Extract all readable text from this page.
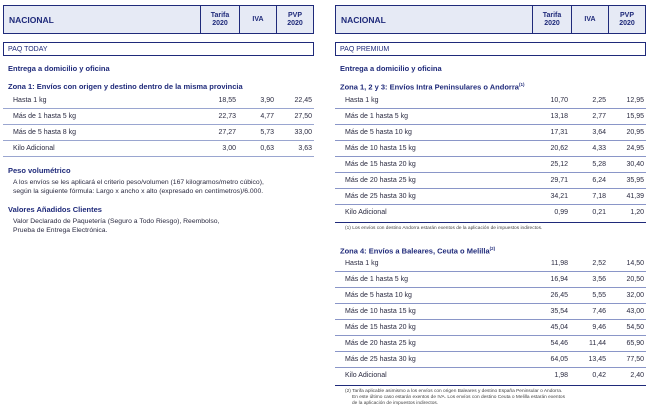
NACIONAL	Tarifa
2020
IVA
PVP
2020
PAQ TODAY
Entrega a domicilio y oficina
Zona 1: Envíos con origen y destino dentro de la misma provincia
Hasta 1 kg	18,55	3,90	22,45
Más de 1 hasta 5 kg	22,73	4,77	27,50
Más de 5 hasta 8 kg	27,27	5,73	33,00
Kilo Adicional	3,00	0,63	3,63
Peso volumétrico
A los envíos se les aplicará el criterio peso/volumen (167 kilogramos/metro cúbico),
según la siguiente fórmula: Largo x ancho x alto (expresado en centímetros)/6.000.
Valores Añadidos Clientes
Valor Declarado de Paquetería (Seguro a Todo Riesgo), Reembolso,
Prueba de Entrega Electrónica.
NACIONAL	Tarifa
2020
IVA
PVP
2020
PAQ PREMIUM
Entrega a domicilio y oficina
Zona 1, 2 y 3: Envíos Intra Peninsulares o Andorra$^{(1)}$
Hasta 1 kg	10,70	2,25	12,95
Más de 1 hasta 5 kg	13,18	2,77	15,95
Más de 5 hasta 10 kg	17,31	3,64	20,95
Más de 10 hasta 15 kg	20,62	4,33	24,95
Más de 15 hasta 20 kg	25,12	5,28	30,40
Más de 20 hasta 25 kg	29,71	6,24	35,95
Más de 25 hasta 30 kg	34,21	7,18	41,39
Kilo Adicional	0,99	0,21	1,20
(1) Los envíos con destino Andorra estarán exentos de la aplicación de impuestos indirectos.
Zona 4: Envíos a Baleares, Ceuta o Melilla$^{(2)}$
Hasta 1 kg	11,98	2,52	14,50
Más de 1 hasta 5 kg	16,94	3,56	20,50
Más de 5 hasta 10 kg	26,45	5,55	32,00
Más de 10 hasta 15 kg	35,54	7,46	43,00
Más de 15 hasta 20 kg	45,04	9,46	54,50
Más de 20 hasta 25 kg	54,46	11,44	65,90
Más de 25 hasta 30 kg	64,05	13,45	77,50
Kilo Adicional	1,98	0,42	2,40
(2) Tarifa aplicable asimismo a los envíos con origen Baleares y destino España Peninsular o Andorra.
En este último caso estarán exentos de IVA. Los envíos con destino Ceuta o Melilla estarán exentos
de la aplicación de impuestos indirectos.
